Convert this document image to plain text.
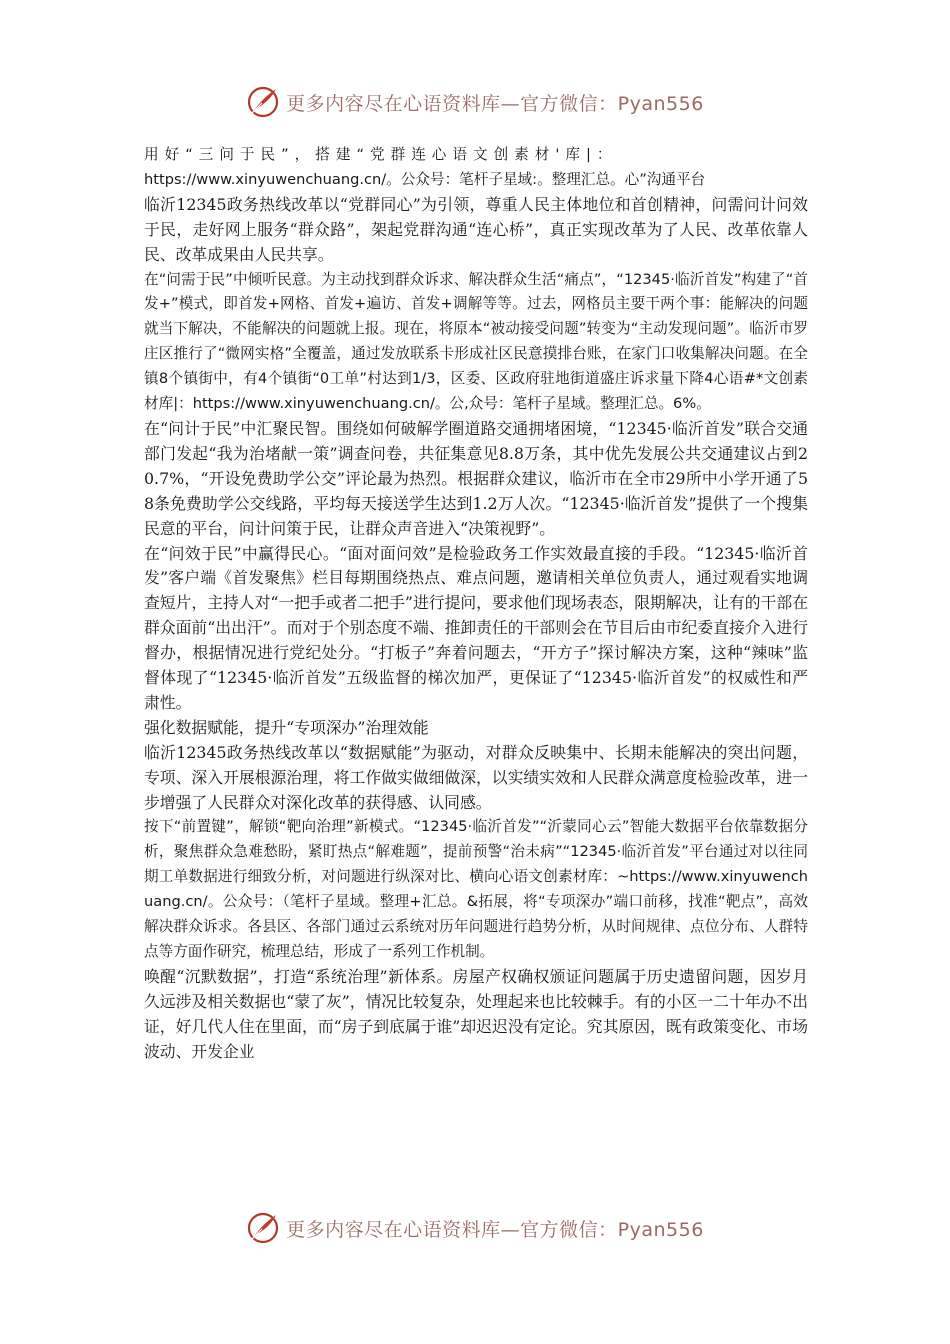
更多内容尽在心语资料库—官方微信：Pyan556

用好“三问于民”，搭建“党群连心语文创素材'库|：

https://www.xinyuwenchuang.cn/。公众号：笔杆子星域:。整理汇总。心”沟通平台

临沂12345政务热线改革以“党群同心”为引领，尊重人民主体地位和首创精神，问需问计问效于民，走好网上服务“群众路”，架起党群沟通“连心桥”，真正实现改革为了人民、改革依靠人民、改革成果由人民共享。

在“问需于民”中倾听民意。为主动找到群众诉求、解决群众生活“痛点”，“12345·临沂首发”构建了“首发+”模式，即首发+网格、首发+遍访、首发+调解等等。过去，网格员主要干两个事：能解决的问题就当下解决，不能解决的问题就上报。现在，将原本“被动接受问题”转变为“主动发现问题”。临沂市罗庄区推行了“微网实格”全覆盖，通过发放联系卡形成社区民意摸排台账，在家门口收集解决问题。在全镇8个镇街中，有4个镇街“0工单”村达到1/3，区委、区政府驻地街道盛庄诉求量下降4心语#*文创素材库|：https://www.xinyuwenchuang.cn/。公,众号：笔杆子星域。整理汇总。6%。

在“问计于民”中汇聚民智。围绕如何破解学圈道路交通拥堵困境，“12345·临沂首发”联合交通部门发起“我为治堵献一策”调查问卷，共征集意见8.8万条，其中优先发展公共交通建议占到20.7%，“开设免费助学公交”评论最为热烈。根据群众建议，临沂市在全市29所中小学开通了58条免费助学公交线路，平均每天接送学生达到1.2万人次。“12345·临沂首发”提供了一个搜集民意的平台，问计问策于民，让群众声音进入“决策视野”。

在“问效于民”中赢得民心。“面对面问效”是检验政务工作实效最直接的手段。“12345·临沂首发”客户端《首发聚焦》栏目每期围绕热点、难点问题，邀请相关单位负责人，通过观看实地调查短片，主持人对“一把手或者二把手”进行提问，要求他们现场表态，限期解决，让有的干部在群众面前“出出汗”。而对于个别态度不端、推卸责任的干部则会在节目后由市纪委直接介入进行督办，根据情况进行党纪处分。“打板子”奔着问题去，“开方子”探讨解决方案，这种“辣味”监督体现了“12345·临沂首发”五级监督的梯次加严，更保证了“12345·临沂首发”的权威性和严肃性。

强化数据赋能，提升“专项深办”治理效能

临沂12345政务热线改革以“数据赋能”为驱动，对群众反映集中、长期未能解决的突出问题，专项、深入开展根源治理，将工作做实做细做深，以实绩实效和人民群众满意度检验改革，进一步增强了人民群众对深化改革的获得感、认同感。

按下“前置键”，解锁“靶向治理”新模式。“12345·临沂首发”“沂蒙同心云”智能大数据平台依靠数据分析，聚焦群众急难愁盼，紧盯热点“解难题”，提前预警“治未病”“12345·临沂首发”平台通过对以往同期工单数据进行细致分析，对问题进行纵深对比、横向心语文创素材库：~https://www.xinyuwenchuang.cn/。公众号：（笔杆子星域。整理+汇总。&拓展，将“专项深办”端口前移，找准“靶点”，高效解决群众诉求。各县区、各部门通过云系统对历年问题进行趋势分析，从时间规律、点位分布、人群特点等方面作研究，梳理总结，形成了一系列工作机制。

唤醒“沉默数据”，打造“系统治理”新体系。房屋产权确权颁证问题属于历史遗留问题，因岁月久远涉及相关数据也“蒙了灰”，情况比较复杂，处理起来也比较棘手。有的小区一二十年办不出证，好几代人住在里面，而“房子到底属于谁”却迟迟没有定论。究其原因，既有政策变化、市场波动、开发企业

更多内容尽在心语资料库—官方微信：Pyan556
